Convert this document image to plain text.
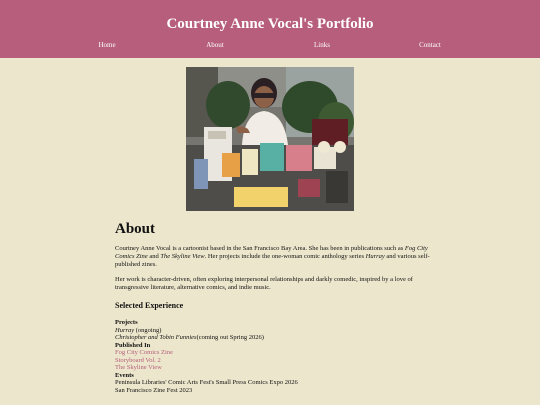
Courtney Anne Vocal's Portfolio
Home	About	Links	Contact
About

Courtney Anne Vocal is a cartoonist based in the San Francisco Bay Area. She has been in publications such as Fog City Comics Zine and The Skyline View. Her projects include the one-woman comic anthology series Hurray and various self-published zines.

Her work is character-driven, often exploring interpersonal relationships and darkly comedic, inspired by a love of transgressive literature, alternative comics, and indie music.

Selected Experience
Projects
Hurray (ongoing)
Christopher and Tobin Funnies(coming out Spring 2026)
Published In
Fog City Comics Zine
Storyboard Vol. 2
The Skyline View
Events
Peninsula Libraries' Comic Arts Fest's Small Press Comics Expo 2026
San Francisco Zine Fest 2023
